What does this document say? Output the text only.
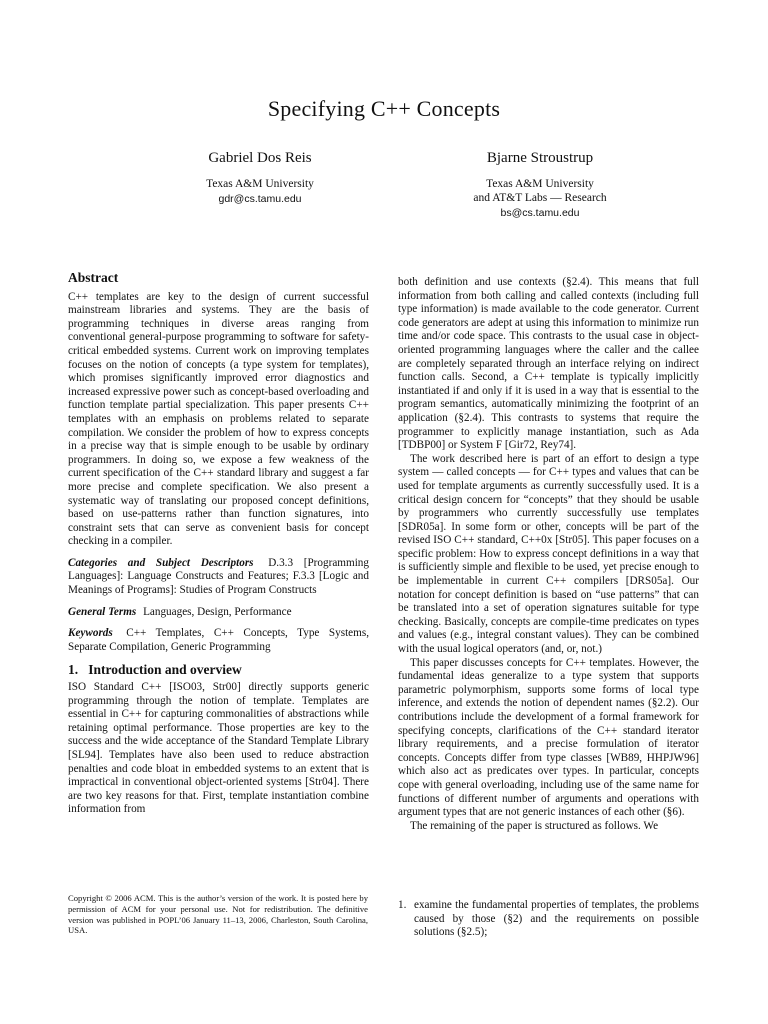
Specifying C++ Concepts
Gabriel Dos Reis
Texas A&M University
gdr@cs.tamu.edu
Bjarne Stroustrup
Texas A&M University
and AT&T Labs — Research
bs@cs.tamu.edu
Abstract

C++ templates are key to the design of current successful mainstream libraries and systems. They are the basis of programming techniques in diverse areas ranging from conventional general-purpose programming to software for safety-critical embedded systems. Current work on improving templates focuses on the notion of concepts (a type system for templates), which promises significantly improved error diagnostics and increased expressive power such as concept-based overloading and function template partial specialization. This paper presents C++ templates with an emphasis on problems related to separate compilation. We consider the problem of how to express concepts in a precise way that is simple enough to be usable by ordinary programmers. In doing so, we expose a few weakness of the current specification of the C++ standard library and suggest a far more precise and complete specification. We also present a systematic way of translating our proposed concept definitions, based on use-patterns rather than function signatures, into constraint sets that can serve as convenient basis for concept checking in a compiler.

Categories and Subject Descriptors D.3.3 [Programming Languages]: Language Constructs and Features; F.3.3 [Logic and Meanings of Programs]: Studies of Program Constructs

General Terms Languages, Design, Performance

Keywords C++ Templates, C++ Concepts, Type Systems, Separate Compilation, Generic Programming

1.   Introduction and overview

ISO Standard C++ [ISO03, Str00] directly supports generic programming through the notion of template. Templates are essential in C++ for capturing commonalities of abstractions while retaining optimal performance. Those properties are key to the success and the wide acceptance of the Standard Template Library [SL94]. Templates have also been used to reduce abstraction penalties and code bloat in embedded systems to an extent that is impractical in conventional object-oriented systems [Str04]. There are two key reasons for that. First, template instantiation combine information from

Copyright © 2006 ACM. This is the author’s version of the work. It is posted here by permission of ACM for your personal use. Not for redistribution. The definitive version was published in POPL’06 January 11–13, 2006, Charleston, South Carolina, USA.

both definition and use contexts (§2.4). This means that full information from both calling and called contexts (including full type information) is made available to the code generator. Current code generators are adept at using this information to minimize run time and/or code space. This contrasts to the usual case in object-oriented programming languages where the caller and the callee are completely separated through an interface relying on indirect function calls. Second, a C++ template is typically implicitly instantiated if and only if it is used in a way that is essential to the program semantics, automatically minimizing the footprint of an application (§2.4). This contrasts to systems that require the programmer to explicitly manage instantiation, such as Ada [TDBP00] or System F [Gir72, Rey74].

The work described here is part of an effort to design a type system — called concepts — for C++ types and values that can be used for template arguments as currently successfully used. It is a critical design concern for “concepts” that they should be usable by programmers who currently successfully use templates [SDR05a]. In some form or other, concepts will be part of the revised ISO C++ standard, C++0x [Str05]. This paper focuses on a specific problem: How to express concept definitions in a way that is sufficiently simple and flexible to be used, yet precise enough to be implementable in current C++ compilers [DRS05a]. Our notation for concept definition is based on “use patterns” that can be translated into a set of operation signatures suitable for type checking. Basically, concepts are compile-time predicates on types and values (e.g., integral constant values). They can be combined with the usual logical operators (and, or, not.)

This paper discusses concepts for C++ templates. However, the fundamental ideas generalize to a type system that supports parametric polymorphism, supports some forms of local type inference, and extends the notion of dependent names (§2.2). Our contributions include the development of a formal framework for specifying concepts, clarifications of the C++ standard iterator library requirements, and a precise formulation of iterator concepts. Concepts differ from type classes [WB89, HHPJW96] which also act as predicates over types. In particular, concepts cope with general overloading, including use of the same name for functions of different number of arguments and operations with argument types that are not generic instances of each other (§6).

The remaining of the paper is structured as follows. We

1. examine the fundamental properties of templates, the problems caused by those (§2) and the requirements on possible solutions (§2.5);
